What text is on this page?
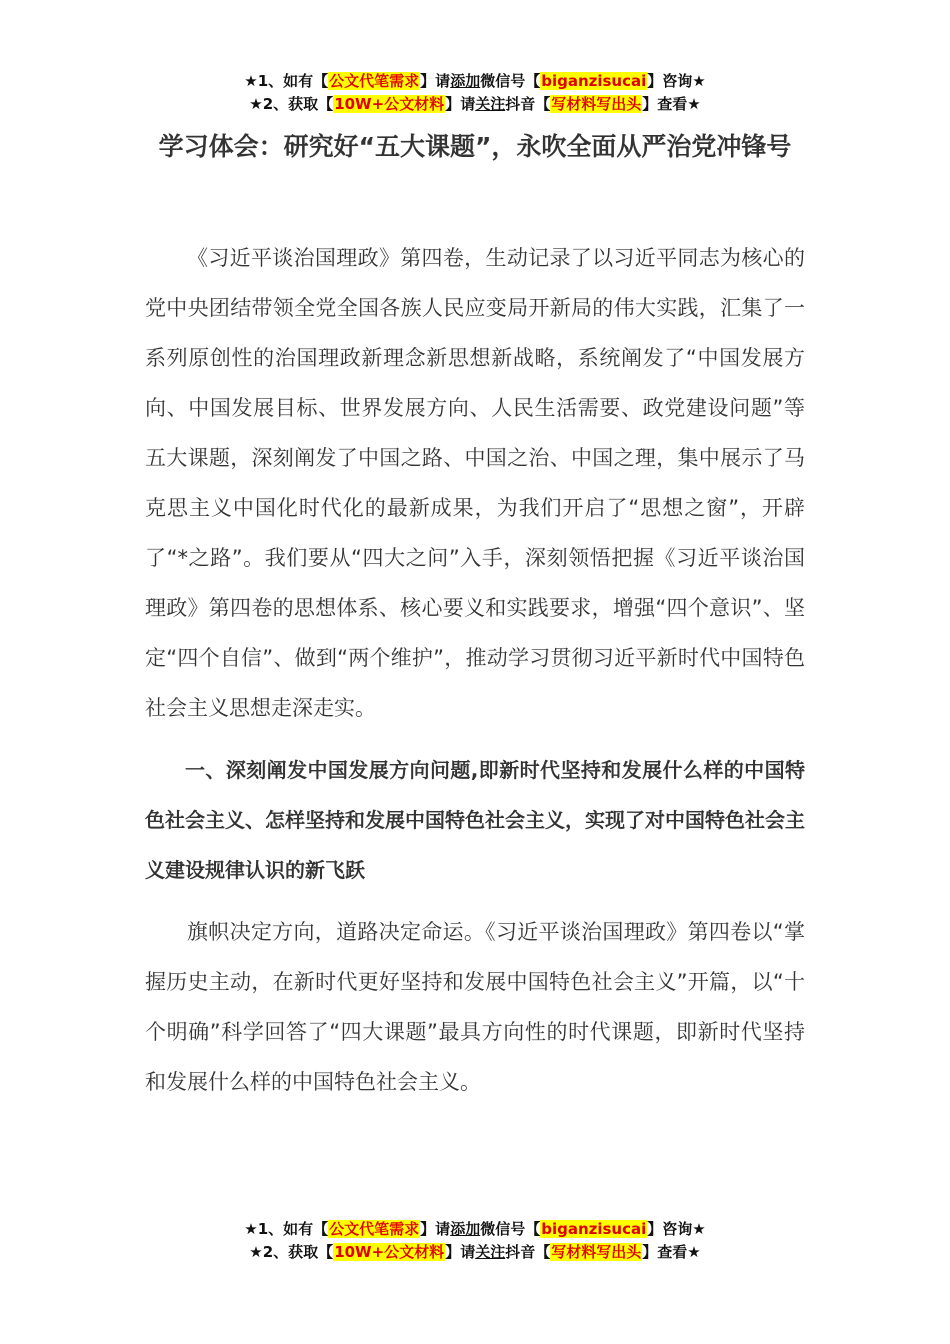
★1、如有【公文代笔需求】请添加微信号【biganzisucai】咨询★
★2、获取【10W+公文材料】请关注抖音【写材料写出头】查看★
学习体会：研究好“五大课题”，永吹全面从严治党冲锋号

《习近平谈治国理政》第四卷，生动记录了以习近平同志为核心的党中央团结带领全党全国各族人民应变局开新局的伟大实践，汇集了一系列原创性的治国理政新理念新思想新战略，系统阐发了“中国发展方向、中国发展目标、世界发展方向、人民生活需要、政党建设问题”等五大课题，深刻阐发了中国之路、中国之治、中国之理，集中展示了马克思主义中国化时代化的最新成果，为我们开启了“思想之窗”，开辟了“*之路”。我们要从“四大之问”入手，深刻领悟把握《习近平谈治国理政》第四卷的思想体系、核心要义和实践要求，增强“四个意识”、坚定“四个自信”、做到“两个维护”，推动学习贯彻习近平新时代中国特色社会主义思想走深走实。

一、深刻阐发中国发展方向问题,即新时代坚持和发展什么样的中国特色社会主义、怎样坚持和发展中国特色社会主义，实现了对中国特色社会主义建设规律认识的新飞跃

旗帜决定方向，道路决定命运。《习近平谈治国理政》第四卷以“掌握历史主动，在新时代更好坚持和发展中国特色社会主义”开篇，以“十个明确”科学回答了“四大课题”最具方向性的时代课题，即新时代坚持和发展什么样的中国特色社会主义。

★1、如有【公文代笔需求】请添加微信号【biganzisucai】咨询★
★2、获取【10W+公文材料】请关注抖音【写材料写出头】查看★
